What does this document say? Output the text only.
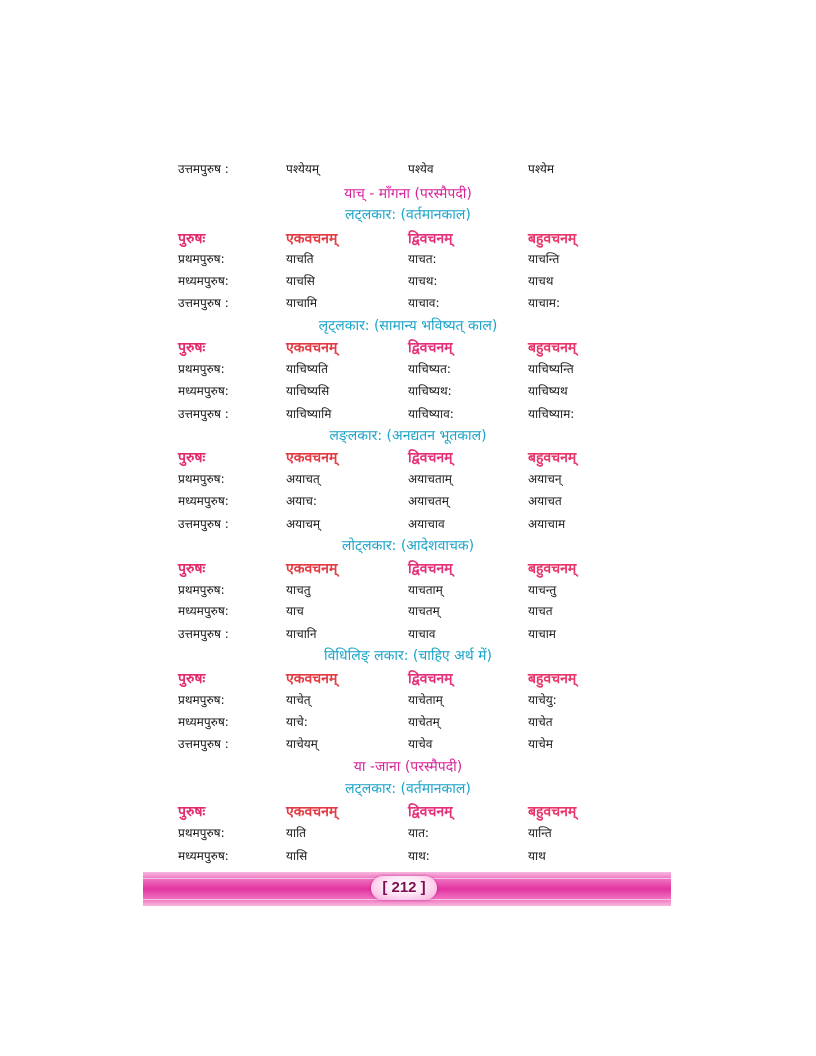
उत्तमपुरुष :	पश्येयम्	पश्येव	पश्येम
याच् - माँगना (परस्मैपदी)
लट्लकार: (वर्तमानकाल)
पुरुषः	एकवचनम्	द्विवचनम्	बहुवचनम्
प्रथमपुरुष:	याचति	याचत:	याचन्ति
मध्यमपुरुष:	याचसि	याचथ:	याचथ
उत्तमपुरुष :	याचामि	याचाव:	याचाम:
लृट्लकार: (सामान्य भविष्यत् काल)
पुरुषः	एकवचनम्	द्विवचनम्	बहुवचनम्
प्रथमपुरुष:	याचिष्यति	याचिष्यत:	याचिष्यन्ति
मध्यमपुरुष:	याचिष्यसि	याचिष्यथ:	याचिष्यथ
उत्तमपुरुष :	याचिष्यामि	याचिष्याव:	याचिष्याम:
लङ्लकार: (अनद्यतन भूतकाल)
पुरुषः	एकवचनम्	द्विवचनम्	बहुवचनम्
प्रथमपुरुष:	अयाचत्	अयाचताम्	अयाचन्
मध्यमपुरुष:	अयाच:	अयाचतम्	अयाचत
उत्तमपुरुष :	अयाचम्	अयाचाव	अयाचाम
लोट्लकार: (आदेशवाचक)
पुरुषः	एकवचनम्	द्विवचनम्	बहुवचनम्
प्रथमपुरुष:	याचतु	याचताम्	याचन्तु
मध्यमपुरुष:	याच	याचतम्	याचत
उत्तमपुरुष :	याचानि	याचाव	याचाम
विधिलिङ् लकार: (चाहिए अर्थ में)
पुरुषः	एकवचनम्	द्विवचनम्	बहुवचनम्
प्रथमपुरुष:	याचेत्	याचेताम्	याचेयु:
मध्यमपुरुष:	याचे:	याचेतम्	याचेत
उत्तमपुरुष :	याचेयम्	याचेव	याचेम
या -जाना (परस्मैपदी)
लट्लकार: (वर्तमानकाल)
पुरुषः	एकवचनम्	द्विवचनम्	बहुवचनम्
प्रथमपुरुष:	याति	यात:	यान्ति
मध्यमपुरुष:	यासि	याथ:	याथ
[ 212 ]
